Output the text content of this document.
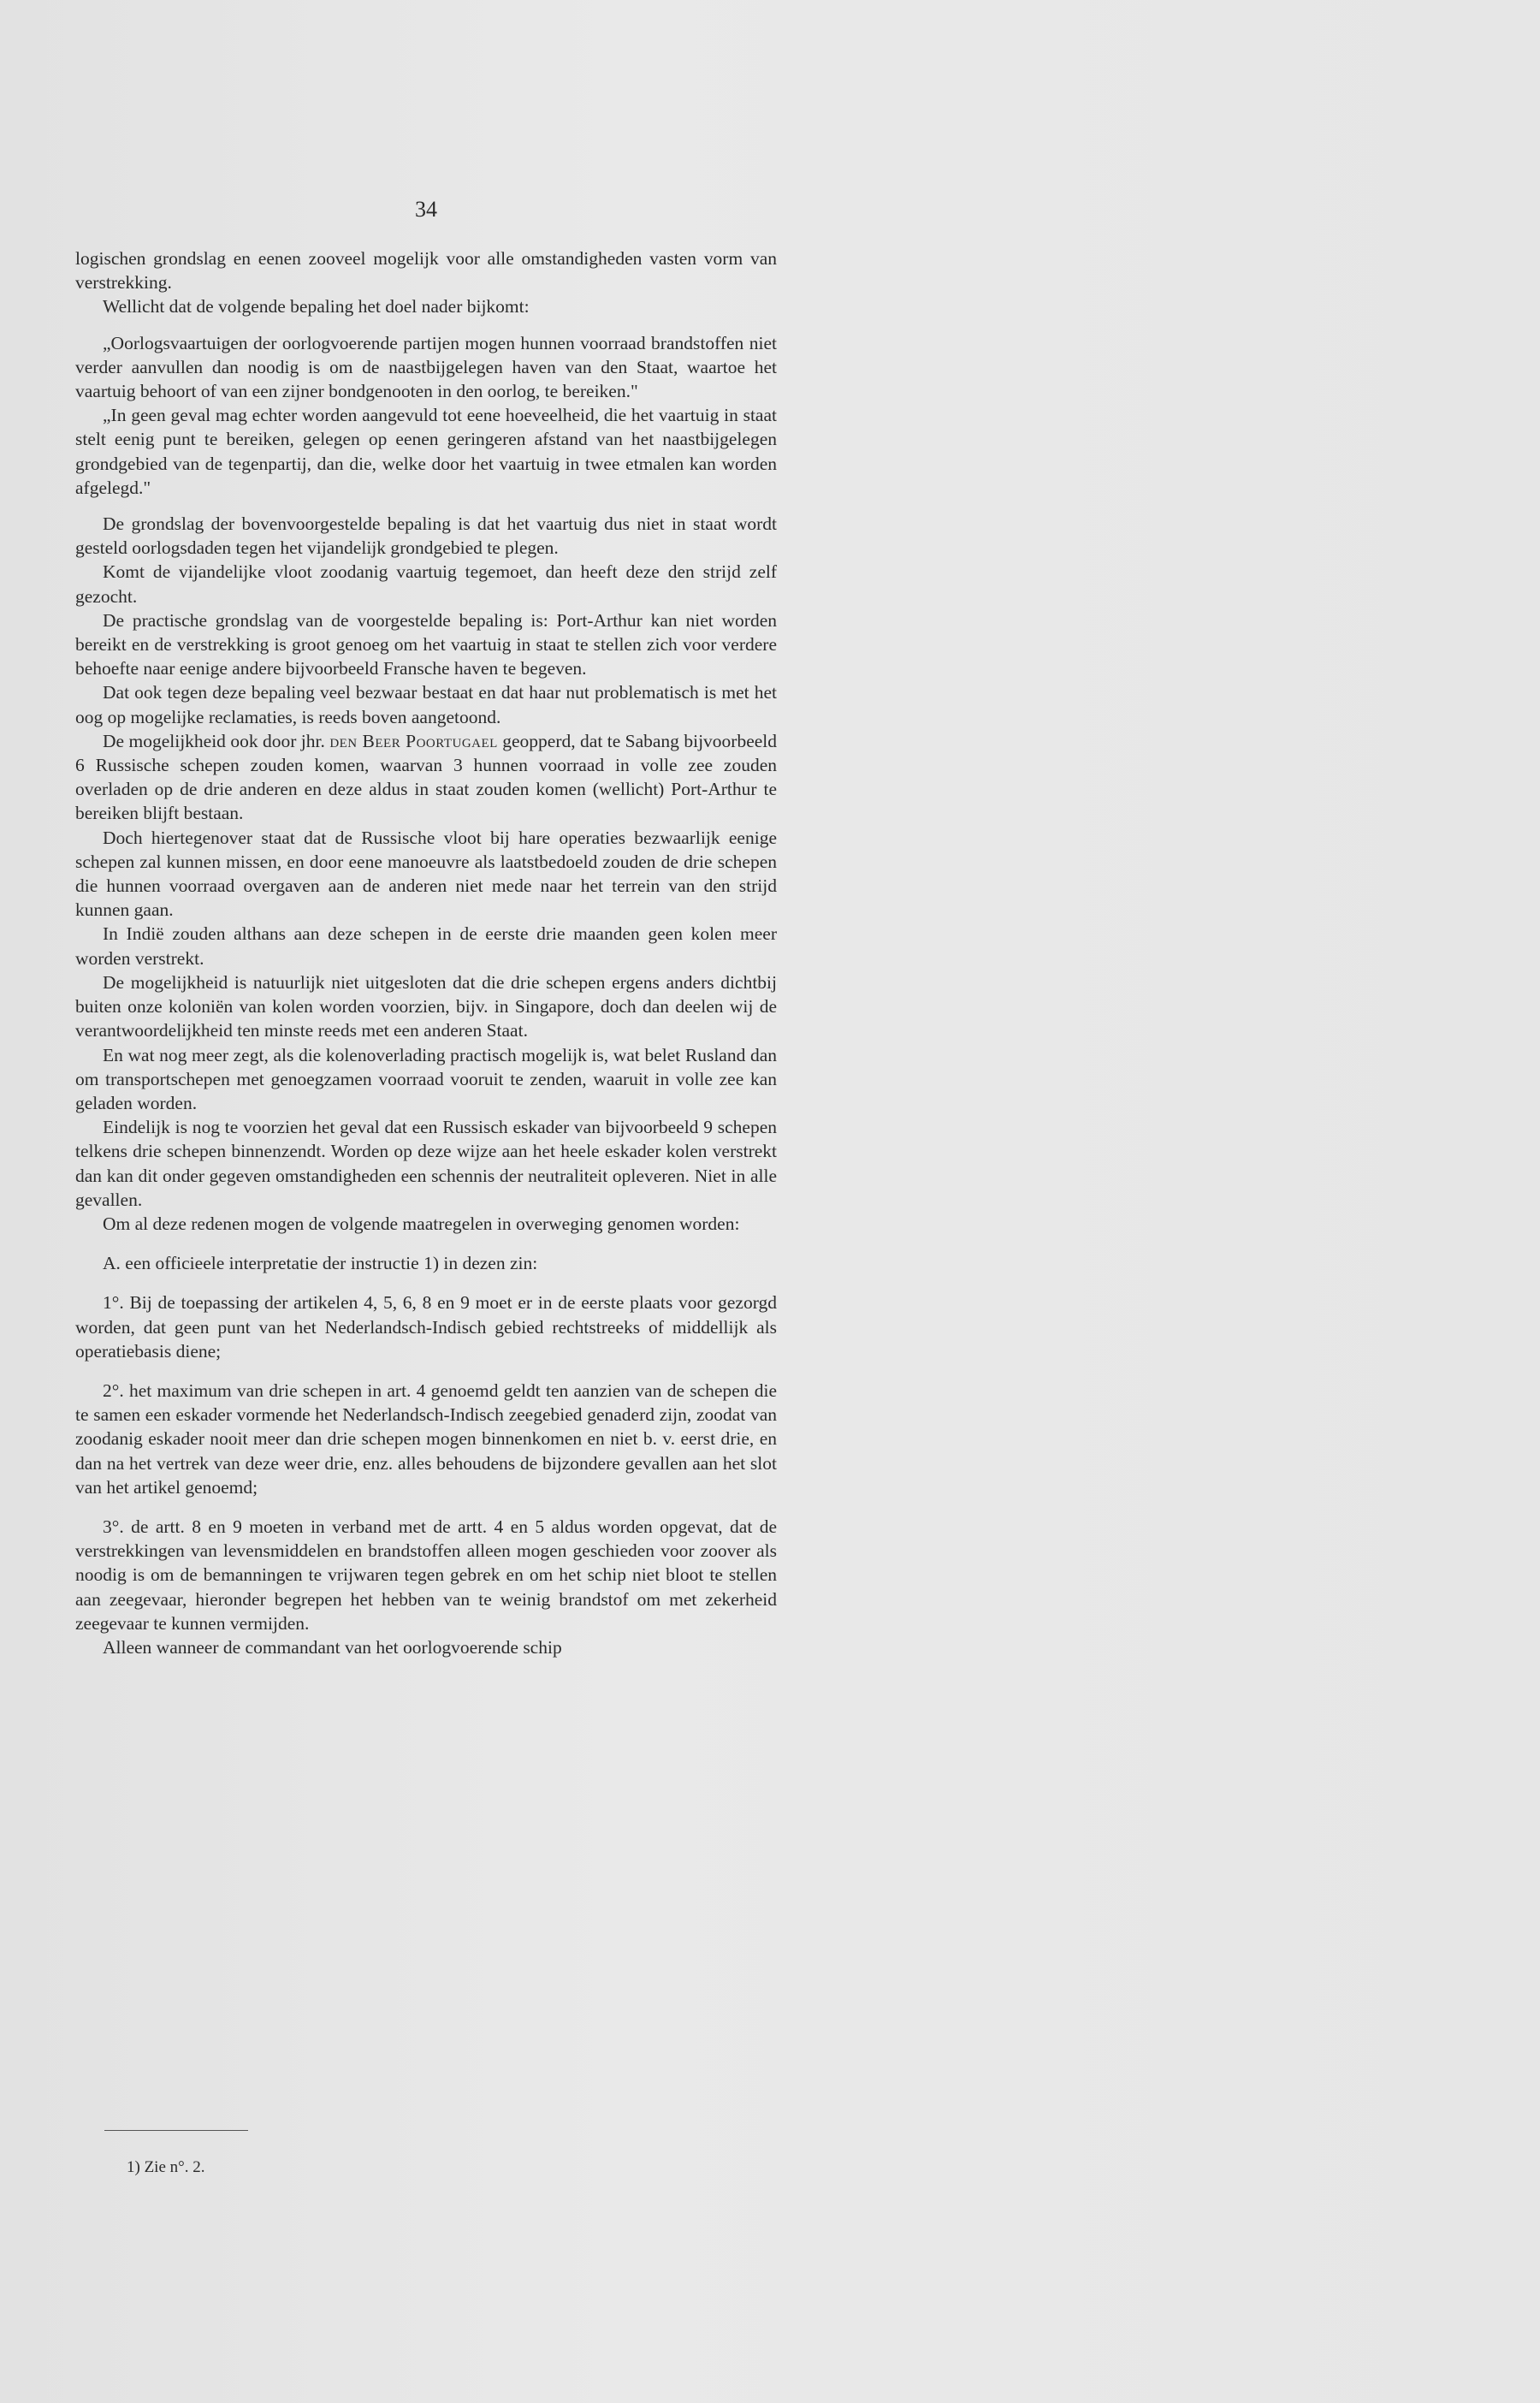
34

logischen grondslag en eenen zooveel mogelijk voor alle omstandigheden vasten vorm van verstrekking.

Wellicht dat de volgende bepaling het doel nader bijkomt:

„Oorlogsvaartuigen der oorlogvoerende partijen mogen hunnen voorraad brandstoffen niet verder aanvullen dan noodig is om de naastbijgelegen haven van den Staat, waartoe het vaartuig behoort of van een zijner bondgenooten in den oorlog, te bereiken."

„In geen geval mag echter worden aangevuld tot eene hoeveelheid, die het vaartuig in staat stelt eenig punt te bereiken, gelegen op eenen geringeren afstand van het naastbijgelegen grondgebied van de tegenpartij, dan die, welke door het vaartuig in twee etmalen kan worden afgelegd."

De grondslag der bovenvoorgestelde bepaling is dat het vaartuig dus niet in staat wordt gesteld oorlogsdaden tegen het vijandelijk grondgebied te plegen.

Komt de vijandelijke vloot zoodanig vaartuig tegemoet, dan heeft deze den strijd zelf gezocht.

De practische grondslag van de voorgestelde bepaling is: Port-Arthur kan niet worden bereikt en de verstrekking is groot genoeg om het vaartuig in staat te stellen zich voor verdere behoefte naar eenige andere bijvoorbeeld Fransche haven te begeven.

Dat ook tegen deze bepaling veel bezwaar bestaat en dat haar nut problematisch is met het oog op mogelijke reclamaties, is reeds boven aangetoond.

De mogelijkheid ook door jhr. den Beer Poortugael geopperd, dat te Sabang bijvoorbeeld 6 Russische schepen zouden komen, waarvan 3 hunnen voorraad in volle zee zouden overladen op de drie anderen en deze aldus in staat zouden komen (wellicht) Port-Arthur te bereiken blijft bestaan.

Doch hiertegenover staat dat de Russische vloot bij hare operaties bezwaarlijk eenige schepen zal kunnen missen, en door eene manoeuvre als laatstbedoeld zouden de drie schepen die hunnen voorraad overgaven aan de anderen niet mede naar het terrein van den strijd kunnen gaan.

In Indië zouden althans aan deze schepen in de eerste drie maanden geen kolen meer worden verstrekt.

De mogelijkheid is natuurlijk niet uitgesloten dat die drie schepen ergens anders dichtbij buiten onze koloniën van kolen worden voorzien, bijv. in Singapore, doch dan deelen wij de verantwoordelijkheid ten minste reeds met een anderen Staat.

En wat nog meer zegt, als die kolenoverlading practisch mogelijk is, wat belet Rusland dan om transportschepen met genoegzamen voorraad vooruit te zenden, waaruit in volle zee kan geladen worden.

Eindelijk is nog te voorzien het geval dat een Russisch eskader van bijvoorbeeld 9 schepen telkens drie schepen binnenzendt. Worden op deze wijze aan het heele eskader kolen verstrekt dan kan dit onder gegeven omstandigheden een schennis der neutraliteit opleveren. Niet in alle gevallen.

Om al deze redenen mogen de volgende maatregelen in overweging genomen worden:

A. een officieele interpretatie der instructie 1) in dezen zin:

1°. Bij de toepassing der artikelen 4, 5, 6, 8 en 9 moet er in de eerste plaats voor gezorgd worden, dat geen punt van het Nederlandsch-Indisch gebied rechtstreeks of middellijk als operatiebasis diene;

2°. het maximum van drie schepen in art. 4 genoemd geldt ten aanzien van de schepen die te samen een eskader vormende het Nederlandsch-Indisch zeegebied genaderd zijn, zoodat van zoodanig eskader nooit meer dan drie schepen mogen binnenkomen en niet b. v. eerst drie, en dan na het vertrek van deze weer drie, enz. alles behoudens de bijzondere gevallen aan het slot van het artikel genoemd;

3°. de artt. 8 en 9 moeten in verband met de artt. 4 en 5 aldus worden opgevat, dat de verstrekkingen van levensmiddelen en brandstoffen alleen mogen geschieden voor zoover als noodig is om de bemanningen te vrijwaren tegen gebrek en om het schip niet bloot te stellen aan zeegevaar, hieronder begrepen het hebben van te weinig brandstof om met zekerheid zeegevaar te kunnen vermijden.

Alleen wanneer de commandant van het oorlogvoerende schip

1) Zie n°. 2.
